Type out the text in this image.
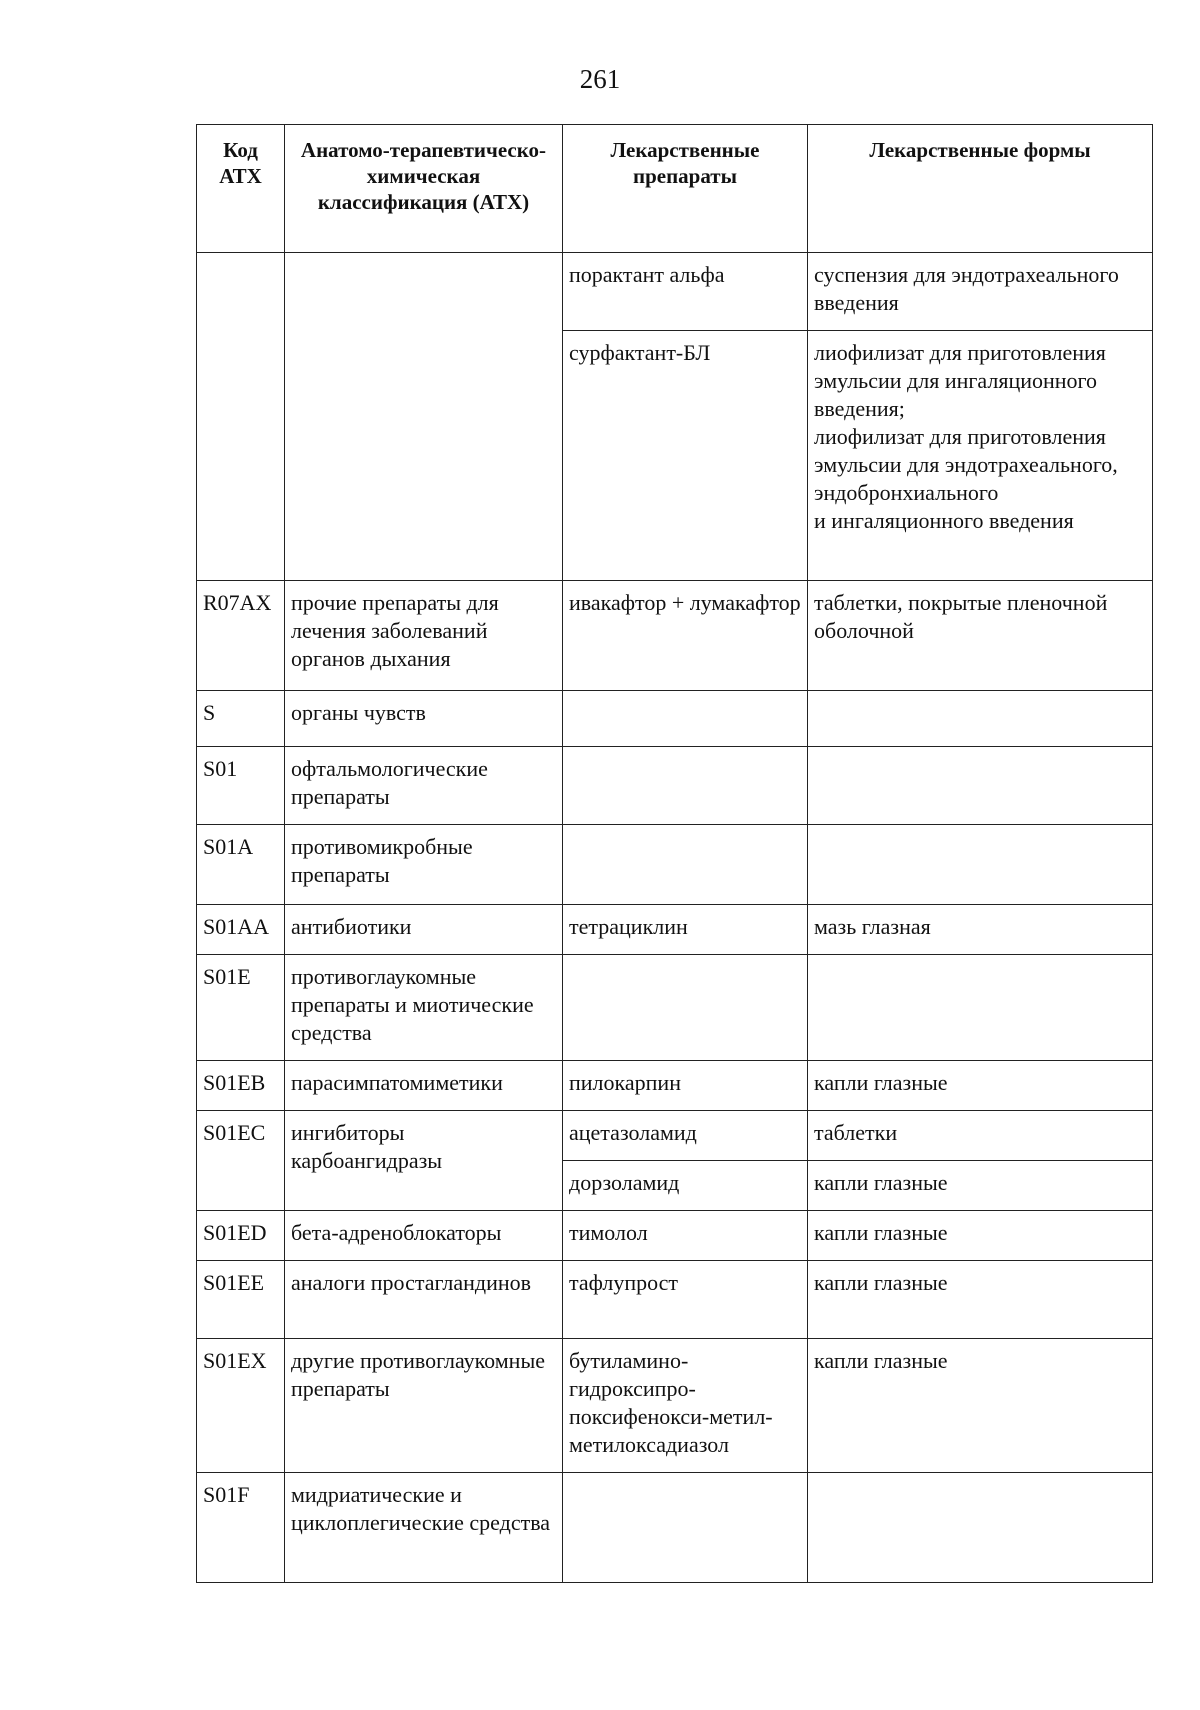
261
Код АТХ	Анатомо-терапевтическо-химическая классификация (АТХ)	Лекарственные препараты	Лекарственные формы
		порактант альфа	суспензия для эндотрахеального введения
		сурфактант-БЛ	лиофилизат для приготовления эмульсии для ингаляционного введения;
лиофилизат для приготовления эмульсии для эндотрахеального, эндобронхиального
и ингаляционного введения
R07AX	прочие препараты для лечения заболеваний органов дыхания	ивакафтор + лумакафтор	таблетки, покрытые пленочной оболочной
S	органы чувств		
S01	офтальмологические препараты		
S01A	противомикробные препараты		
S01AA	антибиотики	тетрациклин	мазь глазная
S01E	противоглаукомные препараты и миотические средства		
S01EB	парасимпатомиметики	пилокарпин	капли глазные
S01EC	ингибиторы карбоангидразы	ацетазоламид	таблетки
		дорзоламид	капли глазные
S01ED	бета-адреноблокаторы	тимолол	капли глазные
S01EE	аналоги простагландинов	тафлупрост	капли глазные
S01EX	другие противоглаукомные препараты	бутиламино-гидроксипро-поксифенокси-метил-метилоксадиазол	капли глазные
S01F	мидриатические и циклоплегические средства		
